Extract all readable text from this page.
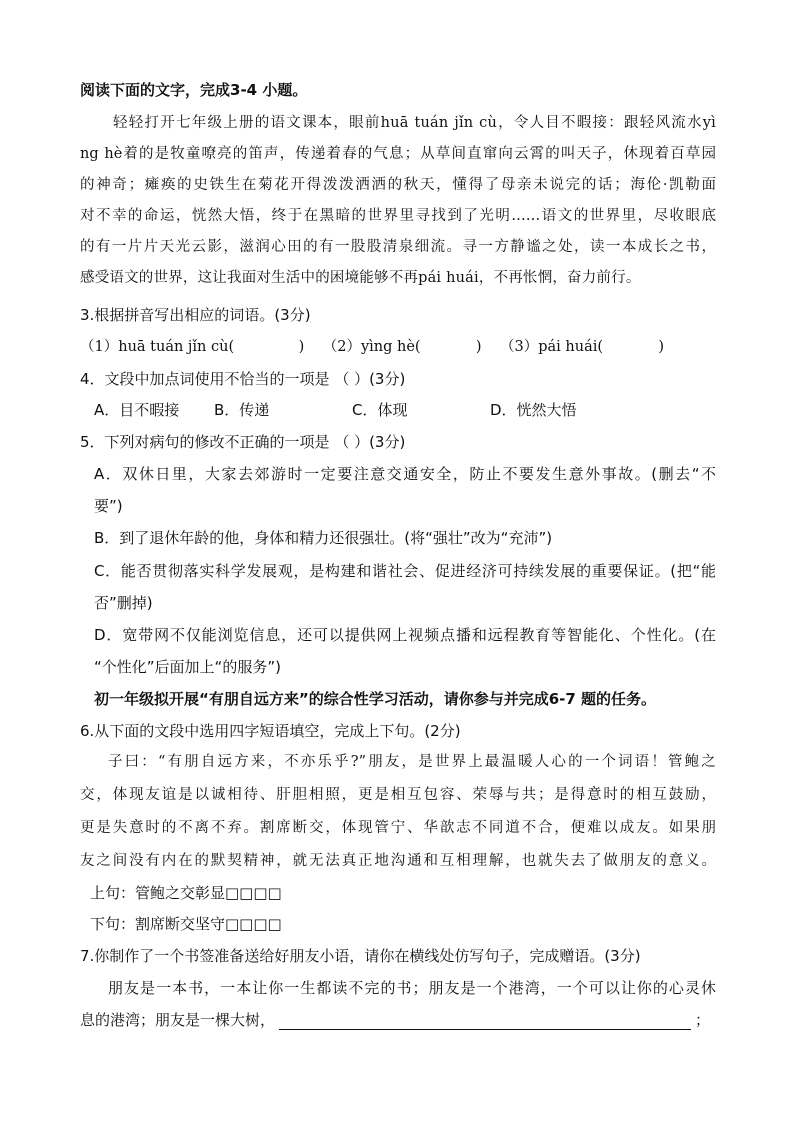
阅读下面的文字，完成3-4 小题。
轻轻打开七年级上册的语文课本，眼前huā tuán jǐn cù，令人目不暇接：跟轻风流水yì
ng hè着的是牧童嘹亮的笛声，传递着春的气息；从草间直窜向云霄的叫天子，休现着百草园
的神奇；瘫痪的史铁生在菊花开得泼泼洒洒的秋天，懂得了母亲未说完的话；海伦·凯勒面
对不幸的命运，恍然大悟，终于在黑暗的世界里寻找到了光明……语文的世界里，尽收眼底
的有一片片天光云影，滋润心田的有一股股清泉细流。寻一方静谧之处，读一本成长之书，
感受语文的世界，这让我面对生活中的困境能够不再pái huái，不再怅惘，奋力前行。
3.根据拼音写出相应的词语。(3分)
（1）huā tuán jǐn cù(              )    （2）yìng hè(            )    （3）pái huái(            )
4．文段中加点词使用不恰当的一项是 （ ）(3分)
A．目不暇接 B．传递	C．体现	D．恍然大悟
5．下列对病句的修改不正确的一项是 （ ）(3分)
A．双休日里，大家去郊游时一定要注意交通安全，防止不要发生意外事故。(删去“不
要”)
B．到了退休年龄的他，身体和精力还很强壮。(将“强壮”改为“充沛”)
C．能否贯彻落实科学发展观，是构建和谐社会、促进经济可持续发展的重要保证。(把“能
否”删掉)
D．宽带网不仅能浏览信息，还可以提供网上视频点播和远程教育等智能化、个性化。(在
“个性化”后面加上“的服务”)
初一年级拟开展“有朋自远方来”的综合性学习活动，请你参与并完成6-7 题的任务。
6.从下面的文段中选用四字短语填空，完成上下句。(2分)
子曰：“有朋自远方来，不亦乐乎?”朋友，是世界上最温暖人心的一个词语！管鲍之
交，体现友谊是以诚相待、肝胆相照，更是相互包容、荣辱与共；是得意时的相互鼓励，
更是失意时的不离不弃。割席断交，体现管宁、华歆志不同道不合，便难以成友。如果朋
友之间没有内在的默契精神，就无法真正地沟通和互相理解，也就失去了做朋友的意义。
上句：管鲍之交彰显□□□□
下句：割席断交坚守□□□□
7.你制作了一个书签准备送给好朋友小语，请你在横线处仿写句子，完成赠语。(3分)
朋友是一本书，一本让你一生都读不完的书；朋友是一个港湾，一个可以让你的心灵休
息的港湾；朋友是一棵大树，	；
